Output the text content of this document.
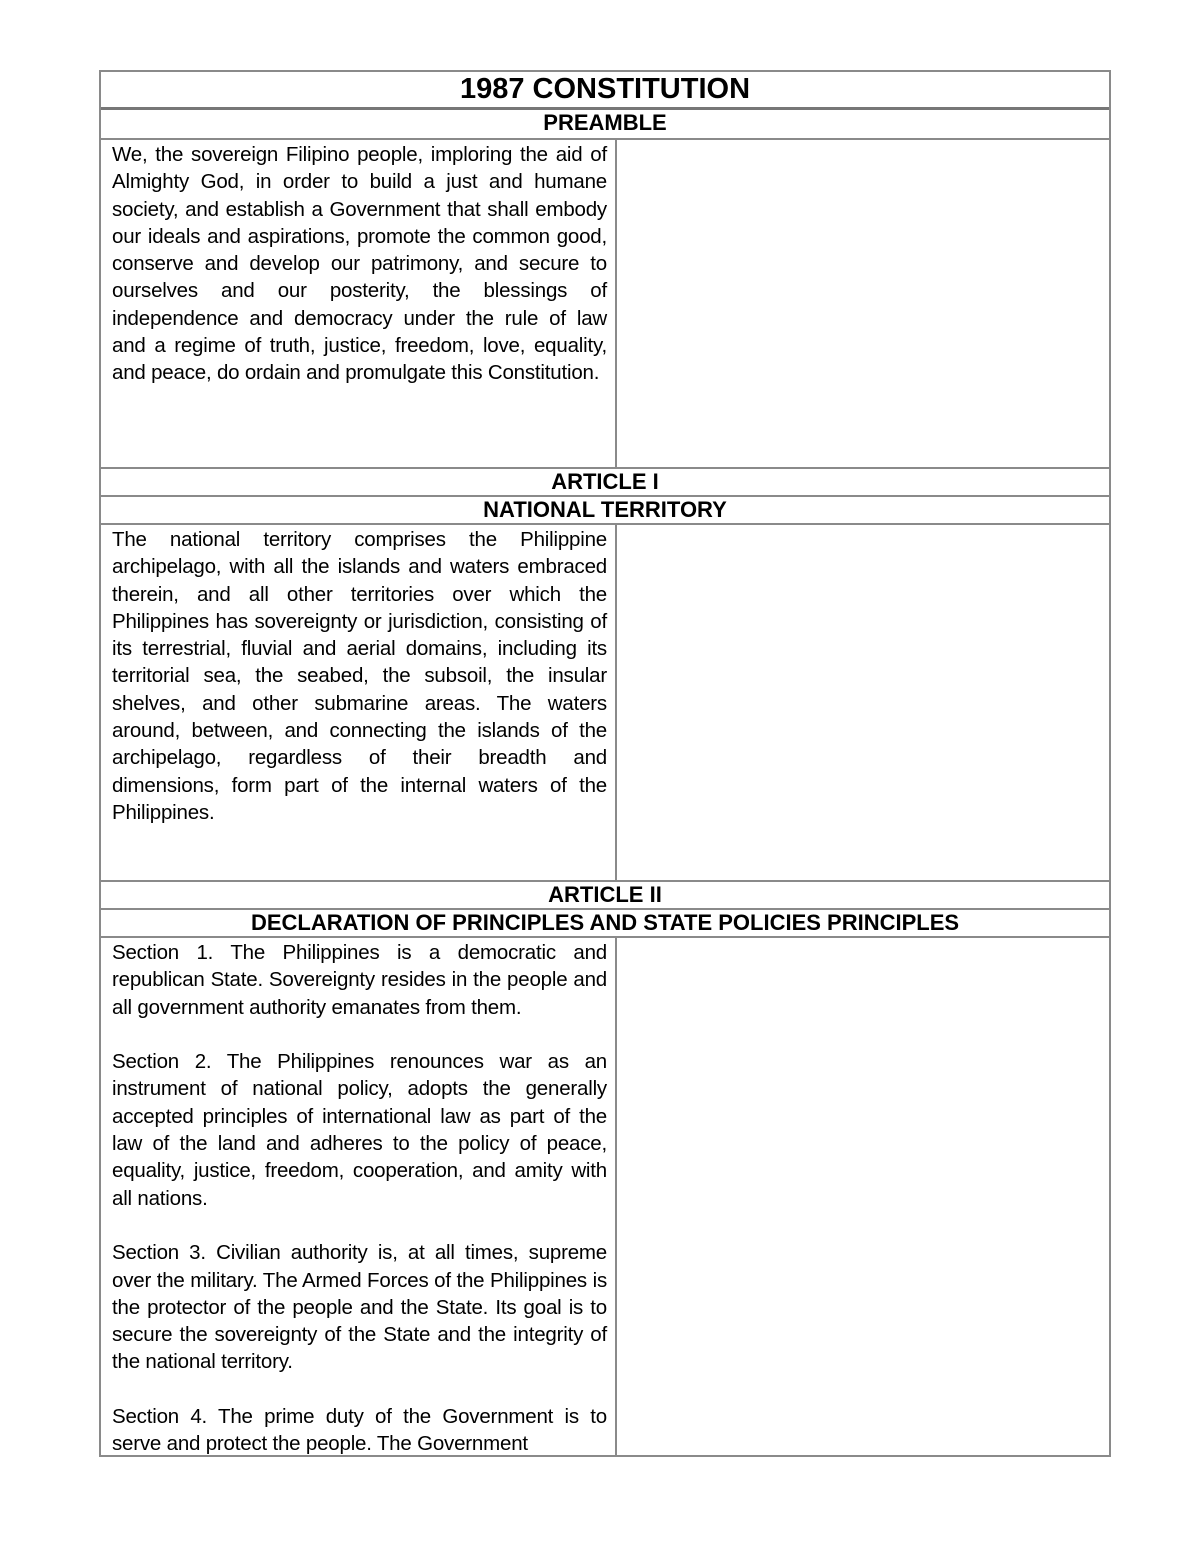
1987 CONSTITUTION
PREAMBLE

We, the sovereign Filipino people, imploring the aid of Almighty God, in order to build a just and humane society, and establish a Government that shall embody our ideals and aspirations, promote the common good, conserve and develop our patrimony, and secure to ourselves and our posterity, the blessings of independence and democracy under the rule of law and a regime of truth, justice, freedom, love, equality, and peace, do ordain and promulgate this Constitution.

ARTICLE I
NATIONAL TERRITORY

The national territory comprises the Philippine archipelago, with all the islands and waters embraced therein, and all other territories over which the Philippines has sovereignty or jurisdiction, consisting of its terrestrial, fluvial and aerial domains, including its territorial sea, the seabed, the subsoil, the insular shelves, and other submarine areas. The waters around, between, and connecting the islands of the archipelago, regardless of their breadth and dimensions, form part of the internal waters of the Philippines.

ARTICLE II
DECLARATION OF PRINCIPLES AND STATE POLICIES PRINCIPLES

Section 1. The Philippines is a democratic and republican State. Sovereignty resides in the people and all government authority emanates from them.

Section 2. The Philippines renounces war as an instrument of national policy, adopts the generally accepted principles of international law as part of the law of the land and adheres to the policy of peace, equality, justice, freedom, cooperation, and amity with all nations.

Section 3. Civilian authority is, at all times, supreme over the military. The Armed Forces of the Philippines is the protector of the people and the State. Its goal is to secure the sovereignty of the State and the integrity of the national territory.

Section 4. The prime duty of the Government is to serve and protect the people. The Government
